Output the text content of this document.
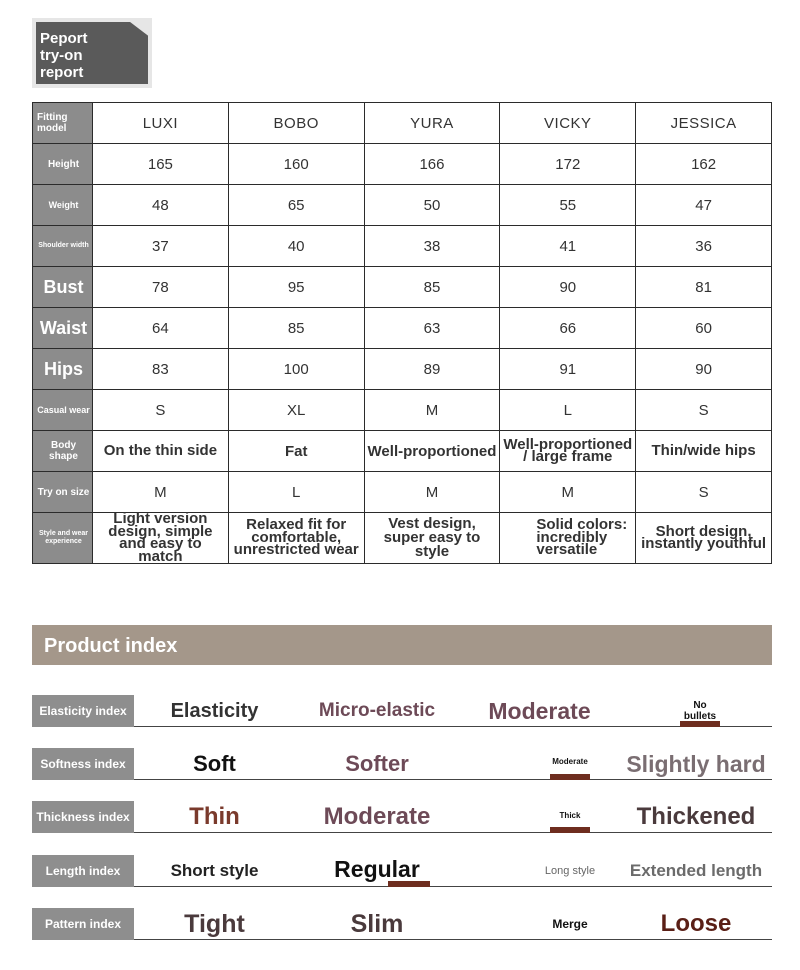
Peport
try-on
report
Fitting model	LUXI	BOBO	YURA	VICKY	JESSICA
Height	165	160	166	172	162
Weight	48	65	50	55	47
Shoulder width	37	40	38	41	36
Bust	78	95	85	90	81
Waist	64	85	63	66	60
Hips	83	100	89	91	90
Casual wear	S	XL	M	L	S
Body shape	On the thin side	Fat	Well-proportioned	Well-proportioned / large frame	Thin/wide hips
Try on size	M	L	M	M	S
Style and wear experience	Light version design, simple and easy to match	Relaxed fit for comfortable, unrestricted wear	Vest design, super easy to style	Solid colors: incredibly versatile	Short design, instantly youthful
Product index
Elasticity index	Elasticity	Micro-elastic	Moderate	No bullets
Softness index	Soft	Softer	Moderate	Slightly hard
Thickness index	Thin	Moderate	Thick	Thickened
Length index	Short style	Regular	Long style	Extended length
Pattern index	Tight	Slim	Merge	Loose
